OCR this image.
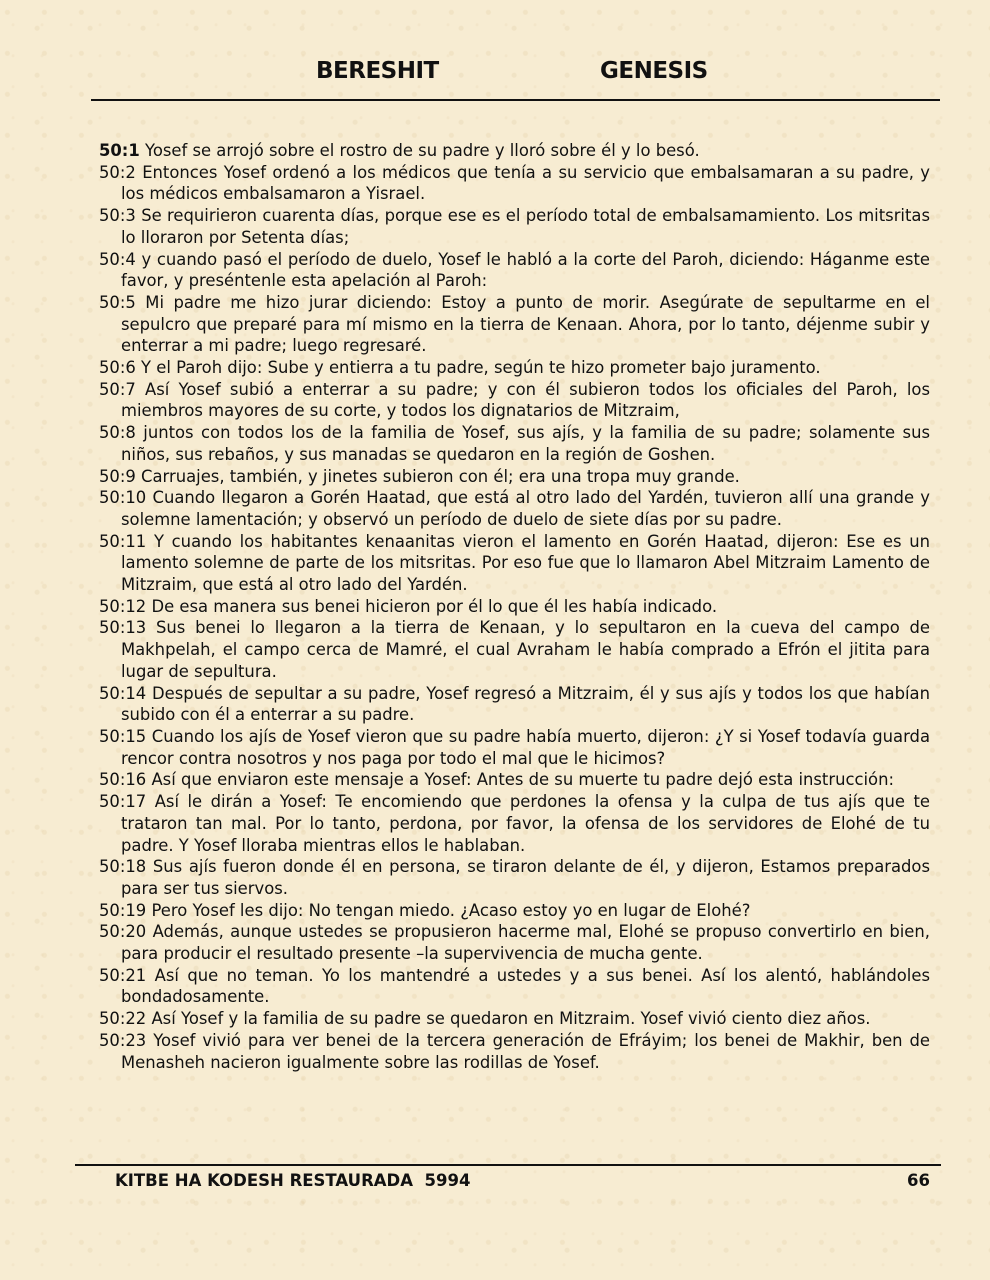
BERESHIT	GENESIS
50:1 Yosef se arrojó sobre el rostro de su padre y lloró sobre él y lo besó.
50:2 Entonces Yosef ordenó a los médicos que tenía a su servicio que embalsamaran a su padre, y los médicos embalsamaron a Yisrael.
50:3 Se requirieron cuarenta días, porque ese es el período total de embalsamamiento. Los mitsritas lo lloraron por Setenta días;
50:4 y cuando pasó el período de duelo, Yosef le habló a la corte del Paroh, diciendo: Háganme este favor, y preséntenle esta apelación al Paroh:
50:5 Mi padre me hizo jurar diciendo: Estoy a punto de morir. Asegúrate de sepultarme en el sepulcro que preparé para mí mismo en la tierra de Kenaan. Ahora, por lo tanto, déjenme subir y enterrar a mi padre; luego regresaré.
50:6 Y el Paroh dijo: Sube y entierra a tu padre, según te hizo prometer bajo juramento.
50:7 Así Yosef subió a enterrar a su padre; y con él subieron todos los oficiales del Paroh, los miembros mayores de su corte, y todos los dignatarios de Mitzraim,
50:8 juntos con todos los de la familia de Yosef, sus ajís, y la familia de su padre; solamente sus niños, sus rebaños, y sus manadas se quedaron en la región de Goshen.
50:9 Carruajes, también, y jinetes subieron con él; era una tropa muy grande.
50:10 Cuando llegaron a Gorén Haatad, que está al otro lado del Yardén, tuvieron allí una grande y solemne lamentación; y observó un período de duelo de siete días por su padre.
50:11 Y cuando los habitantes kenaanitas vieron el lamento en Gorén Haatad, dijeron: Ese es un lamento solemne de parte de los mitsritas. Por eso fue que lo llamaron Abel Mitzraim Lamento de Mitzraim, que está al otro lado del Yardén.
50:12 De esa manera sus benei hicieron por él lo que él les había indicado.
50:13 Sus benei lo llegaron a la tierra de Kenaan, y lo sepultaron en la cueva del campo de Makhpelah, el campo cerca de Mamré, el cual Avraham le había comprado a Efrón el jitita para lugar de sepultura.
50:14 Después de sepultar a su padre, Yosef regresó a Mitzraim, él y sus ajís y todos los que habían subido con él a enterrar a su padre.
50:15 Cuando los ajís de Yosef vieron que su padre había muerto, dijeron: ¿Y si Yosef todavía guarda rencor contra nosotros y nos paga por todo el mal que le hicimos?
50:16 Así que enviaron este mensaje a Yosef: Antes de su muerte tu padre dejó esta instrucción:
50:17 Así le dirán a Yosef: Te encomiendo que perdones la ofensa y la culpa de tus ajís que te trataron tan mal. Por lo tanto, perdona, por favor, la ofensa de los servidores de Elohé de tu padre. Y Yosef lloraba mientras ellos le hablaban.
50:18 Sus ajís fueron donde él en persona, se tiraron delante de él, y dijeron, Estamos preparados para ser tus siervos.
50:19 Pero Yosef les dijo: No tengan miedo. ¿Acaso estoy yo en lugar de Elohé?
50:20 Además, aunque ustedes se propusieron hacerme mal, Elohé se propuso convertirlo en bien, para producir el resultado presente –la supervivencia de mucha gente.
50:21 Así que no teman. Yo los mantendré a ustedes y a sus benei. Así los alentó, hablándoles bondadosamente.
50:22 Así Yosef y la familia de su padre se quedaron en Mitzraim. Yosef vivió ciento diez años.
50:23 Yosef vivió para ver benei de la tercera generación de Efráyim; los benei de Makhir, ben de Menasheh nacieron igualmente sobre las rodillas de Yosef.
KITBE HA KODESH RESTAURADA  5994	66
